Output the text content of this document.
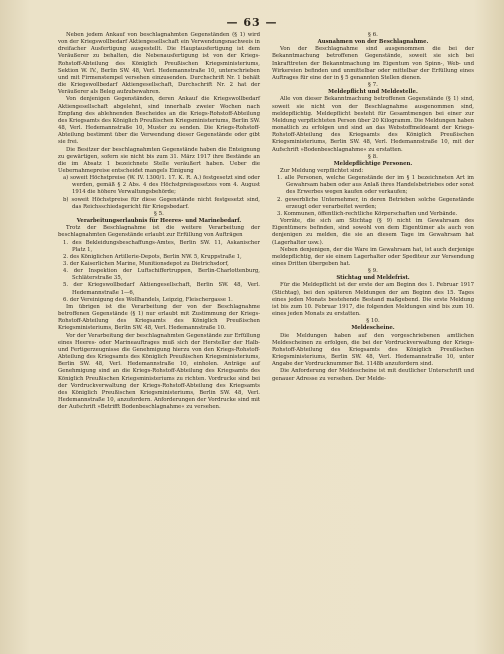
— 63 —

Neben jedem Ankauf von beschlagnahmten Gegenständen (§ 1) wird von der Kriegswollbedarf Aktiengesellschaft ein Verwendungsnachweis in dreifacher Ausfertigung ausgestellt. Die Hauptausfertigung ist dem Veräußerer zu behalten, die Nebenausfertigung ist von der Kriegs-Rohstoff-Abteilung des Königlich Preußischen Kriegsministeriums, Sektion W. IV., Berlin SW. 48, Verl. Hedemannstraße 10, unterschrieben und mit Firmenstempel versehen einzusenden. Durchschrift Nr. 1 behält die Kriegswollbedarf Aktiengesellschaft, Durchschrift Nr. 2 hat der Veräußerer als Beleg aufzubewahren.

Von denjenigen Gegenständen, deren Ankauf die Kriegswollbedarf Aktiengesellschaft abgelehnt, sind innerhalb zweier Wochen nach Empfang des ablehnenden Bescheides an die Kriegs-Rohstoff-Abteilung des Kriegsamts des Königlich Preußischen Kriegsministeriums, Berlin SW. 48, Verl. Hedemannstraße 10, Muster zu senden. Die Kriegs-Rohstoff-Abteilung bestimmt über die Verwendung dieser Gegenstände oder gibt sie frei.

Die Besitzer der beschlagnahmten Gegenstände haben die Enteignung zu gewärtigen, sofern sie nicht bis zum 31. März 1917 ihre Bestände an die im Absatz 1 bezeichnete Stelle veräußert haben. Ueber die Uebernahmepreise entscheidet mangels Einigung

a) soweit Höchstpreise (W. IV. 1300/1. 17. K. R. A.) festgesetzt sind oder werden, gemäß § 2 Abs. 4 des Höchstpreisgesetzes vom 4. August 1914 die höhere Verwaltungsbehörde;

b) soweit Höchstpreise für diese Gegenstände nicht festgesetzt sind, das Reichsschiedsgericht für Kriegsbedarf.

§ 5.

Verarbeitungserlaubnis für Heeres- und Marinebedarf.

Trotz der Beschlagnahme ist die weitere Verarbeitung der beschlagnahmten Gegenstände erlaubt zur Erfüllung von Aufträgen

1. des Bekleidungsbeschaffungs-Amtes, Berlin SW. 11, Askanischer Platz 1,

2. des Königlichen Artillerie-Depots, Berlin NW. 5, Kruppstraße 1,

3. der Kaiserlichen Marine, Munitionsdepot zu Dietrichsdorf,

4. der Inspektion der Luftschiffertruppen, Berlin-Charlottenburg, Schläterstraße 35,

5. der Kriegswollbedarf Aktiengesellschaft, Berlin SW. 48, Verl. Hedemannstraße 1—6,

6. der Vereinigung des Wollhandels, Leipzig, Fleischergasse 1.

Im übrigen ist die Verarbeitung der von der Beschlagnahme betroffenen Gegenstände (§ 1) nur erlaubt mit Zustimmung der Kriegs-Rohstoff-Abteilung des Kriegsamts des Königlich Preußischen Kriegsministeriums, Berlin SW. 48, Verl. Hedemannstraße 10.

Vor der Verarbeitung der beschlagnahmten Gegenstände zur Erfüllung eines Heeres- oder Marineauftrages muß sich der Hersteller der Halb- und Fertigerzeugnisse die Genehmigung hierzu von den Kriegs-Rohstoff-Abteilung des Kriegsamts des Königlich Preußischen Kriegsministeriums, Berlin SW. 48, Verl. Hedemannstraße 10, einholen. Anträge auf Genehmigung sind an die Kriegs-Rohstoff-Abteilung des Kriegsamts des Königlich Preußischen Kriegsministeriums zu richten. Vordrucke sind bei der Vordruckverwaltung der Kriegs-Rohstoff-Abteilung des Kriegsamts des Königlich Preußischen Kriegsministeriums, Berlin SW. 48, Verl. Hedemannstraße 10, anzufordern. Anforderungen der Vordrucke sind mit der Aufschrift »Betrifft Bodenbeschlagnahme« zu versehen.

§ 6.

Ausnahmen von der Beschlagnahme.

Von der Beschlagnahme sind ausgenommen die bei der Bekanntmachung betroffenen Gegenstände, soweit sie sich bei Inkrafttreten der Bekanntmachung im Eigentum von Spinn-, Web- und Wirkereien befinden und unmittelbar oder mittelbar der Erfüllung eines Auftrages für eine der in § 5 genannten Stellen dienen.

§ 7.

Meldepflicht und Meldestelle.

Alle von dieser Bekanntmachung betroffenen Gegenstände (§ 1) sind, soweit sie nicht von der Beschlagnahme ausgenommen sind, meldepflichtig. Meldepflicht besteht für Gesamtmengen bei einer zur Meldung verpflichteten Person über 20 Kilogramm. Die Meldungen haben monatlich zu erfolgen und sind an das Webstoffmeldeamt der Kriegs-Rohstoff-Abteilung des Kriegsamts des Königlich Preußischen Kriegsministeriums, Berlin SW. 48, Verl. Hedemannstraße 10, mit der Aufschrift »Bodenbeschlagnahme« zu erstatten.

§ 8.

Meldepflichtige Personen.

Zur Meldung verpflichtet sind:

1. alle Personen, welche Gegenstände der im § 1 bezeichneten Art im Gewahrsam haben oder aus Anlaß ihres Handelsbetriebes oder sonst des Erwerbes wegen kaufen oder verkaufen;

2. gewerbliche Unternehmer, in deren Betrieben solche Gegenstände erzeugt oder verarbeitet werden;

3. Kommunen, öffentlich-rechtliche Körperschaften und Verbände.

Vorräte, die sich am Stichtag (§ 9) nicht im Gewahrsam des Eigentümers befinden, sind sowohl von dem Eigentümer als auch von denjenigen zu melden, die sie an diesem Tage im Gewahrsam hat (Lagerhalter usw.).

Neben denjenigen, der die Ware im Gewahrsam hat, ist auch derjenige meldepflichtig, der sie einem Lagerhalter oder Spediteur zur Versendung eines Dritten übergeben hat.

§ 9.

Stichtag und Meldefrist.

Für die Meldepflicht ist der erste der am Beginn des 1. Februar 1917 (Stichtag), bei den späteren Meldungen der am Beginn des 15. Tages eines jeden Monats bestehende Bestand maßgebend. Die erste Meldung ist bis zum 10. Februar 1917, die folgenden Meldungen sind bis zum 10. eines jeden Monats zu erstatten.

§ 10.

Meldescheine.

Die Meldungen haben auf den vorgeschriebenen amtlichen Meldescheinen zu erfolgen, die bei der Vordruckverwaltung der Kriegs-Rohstoff-Abteilung des Kriegsamts des Königlich Preußischen Kriegsministeriums, Berlin SW. 48, Verl. Hedemannstraße 10, unter Angabe der Vordrucknummer Bst. 1148b anzufordern sind.

Die Anforderung der Meldescheine ist mit deutlicher Unterschrift und genauer Adresse zu versehen. Der Melde-
